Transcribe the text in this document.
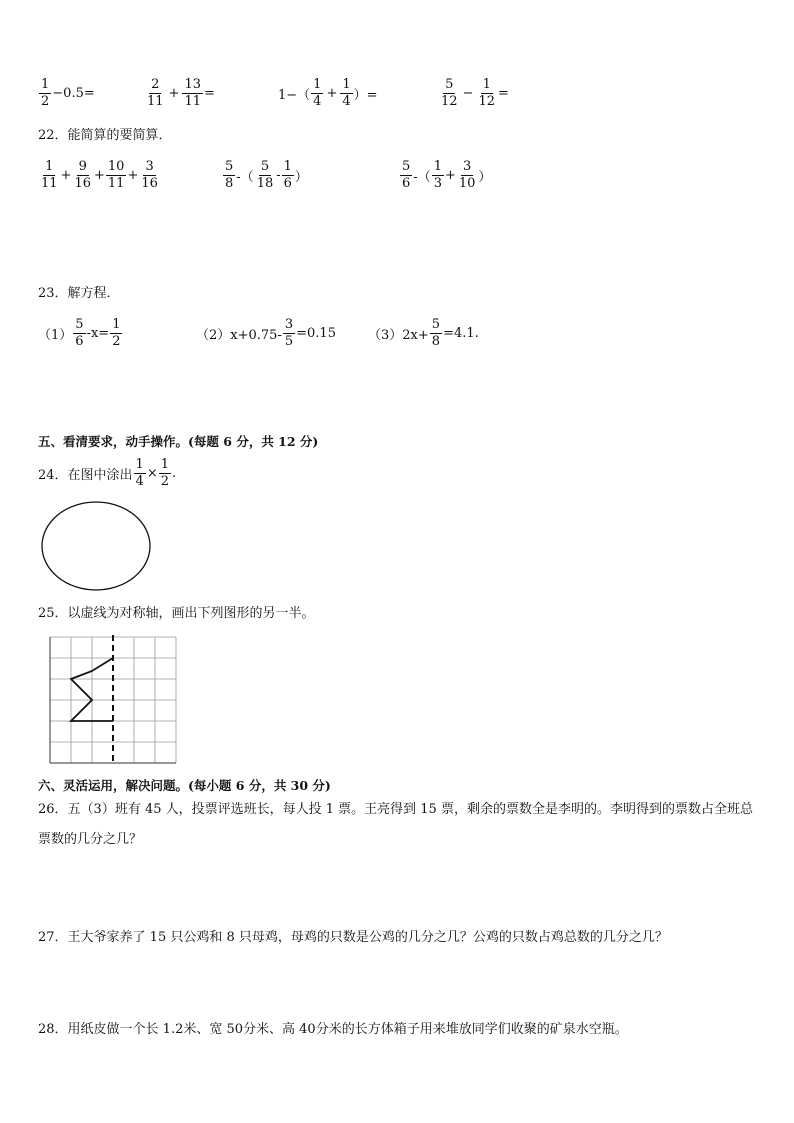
$\frac{1}{2} -0.5=$	$\frac{2}{11} + \frac{13}{11}$ =	$1-( \frac{1}{4} + \frac{1}{4}$ ）=	$\frac{5}{12} - \frac{1}{12}$ =
22．能简算的要简算．
$\frac{1}{11} + \frac{9}{16} + \frac{10}{11} + \frac{3}{16}$	$\frac{5}{8}$ -（ $\frac{5}{18} - \frac{1}{6}$ ）	$\frac{5}{6}$ -（ $\frac{1}{3} + \frac{3}{10}$ ）
23．解方程．
$(1) \frac{5}{6} -x= \frac{1}{2}$	$(2)x+0.75- \frac{3}{5} =0.15$ $(3)2x+ \frac{5}{8} =4.1$.
五、看清要求，动手操作。(每题 6 分，共 12 分)
24．在图中涂出 $\frac{1}{4} \times \frac{1}{2}$ .
25．以虚线为对称轴，画出下列图形的另一半。
六、灵活运用，解决问题。(每小题 6 分，共 30 分)
26．五（3）班有 45 人，投票评选班长，每人投 1 票。王亮得到 15 票，剩余的票数全是李明的。李明得到的票数占全班总票数的几分之几？
27．王大爷家养了 15 只公鸡和 8 只母鸡，母鸡的只数是公鸡的几分之几？公鸡的只数占鸡总数的几分之几？
28．用纸皮做一个长 1.2米、宽 50分米、高 40分米的长方体箱子用来堆放同学们收聚的矿泉水空瓶。
